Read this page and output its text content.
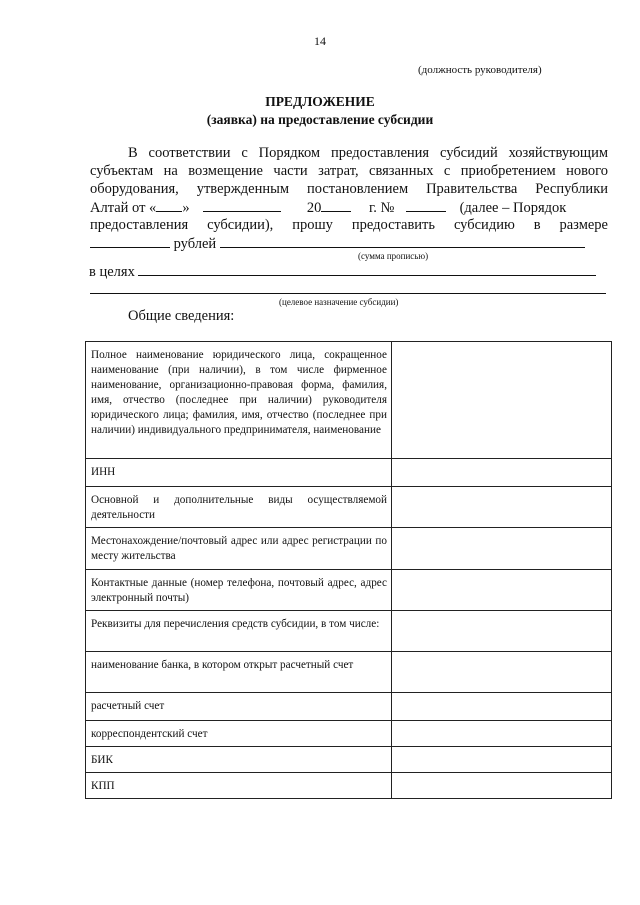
14
(должность руководителя)
ПРЕДЛОЖЕНИЕ
(заявка) на предоставление субсидии
В соответствии с Порядком предоставления субсидий хозяйствующим
субъектам на возмещение части затрат, связанных с приобретением нового
оборудования, утвержденным постановлением Правительства Республики
Алтай от « »	20	г. №	(далее – Порядок
предоставления субсидии), прошу предоставить субсидию в размере
рублей
(сумма прописью)
в целях
(целевое назначение субсидии)
Общие сведения:
Полное наименование юридического лица, сокращенное наименование (при наличии), в том числе фирменное наименование, организационно-правовая форма, фамилия, имя, отчество (последнее при наличии) руководителя юридического лица; фамилия, имя, отчество (последнее при наличии) индивидуального предпринимателя, наименование	
ИНН	
Основной и дополнительные виды осуществляемой деятельности	
Местонахождение/почтовый адрес или адрес регистрации по месту жительства	
Контактные данные (номер телефона, почтовый адрес, адрес электронный почты)	
Реквизиты для перечисления средств субсидии, в том числе:	
наименование банка, в котором открыт расчетный счет	
расчетный счет	
корреспондентский счет	
БИК	
КПП	
